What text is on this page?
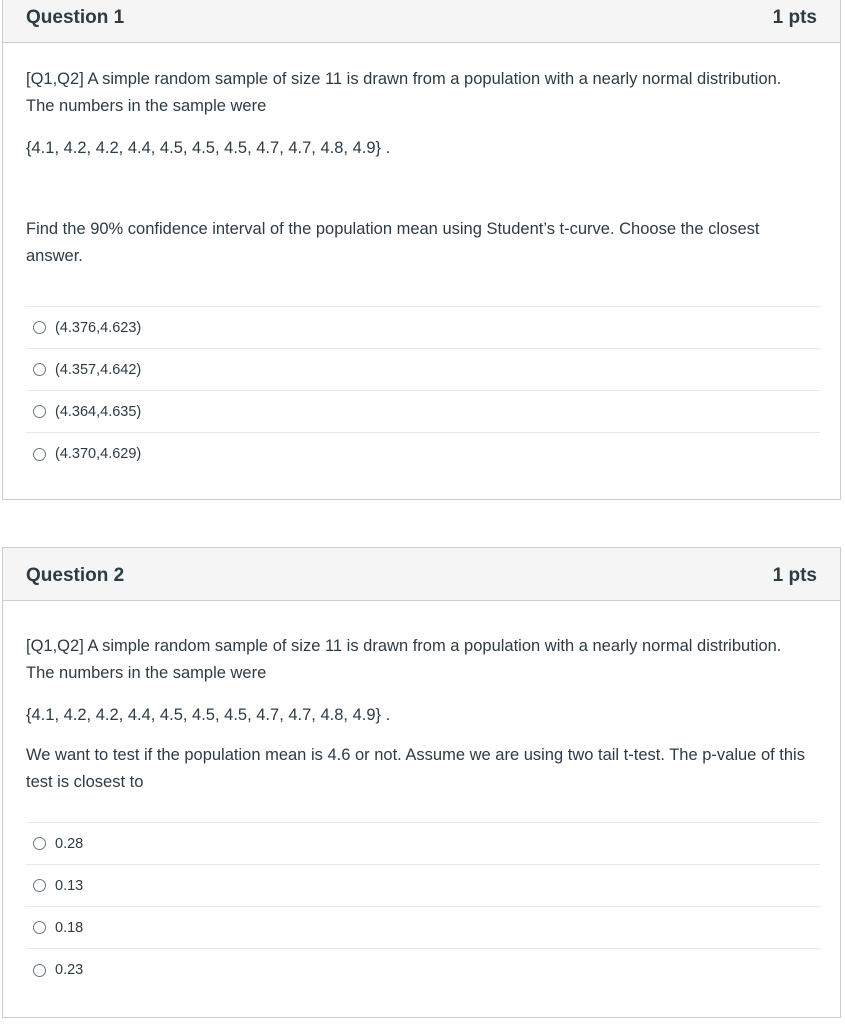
Question 1	1 pts
[Q1,Q2] A simple random sample of size 11 is drawn from a population with a nearly normal distribution. The numbers in the sample were
{4.1, 4.2, 4.2, 4.4, 4.5, 4.5, 4.5, 4.7, 4.7, 4.8, 4.9} .
Find the 90% confidence interval of the population mean using Student’s t-curve. Choose the closest answer.
(4.376,4.623)
(4.357,4.642)
(4.364,4.635)
(4.370,4.629)
Question 2	1 pts
[Q1,Q2] A simple random sample of size 11 is drawn from a population with a nearly normal distribution. The numbers in the sample were
{4.1, 4.2, 4.2, 4.4, 4.5, 4.5, 4.5, 4.7, 4.7, 4.8, 4.9} .
We want to test if the population mean is 4.6 or not. Assume we are using two tail t-test. The p-value of this test is closest to
0.28
0.13
0.18
0.23
